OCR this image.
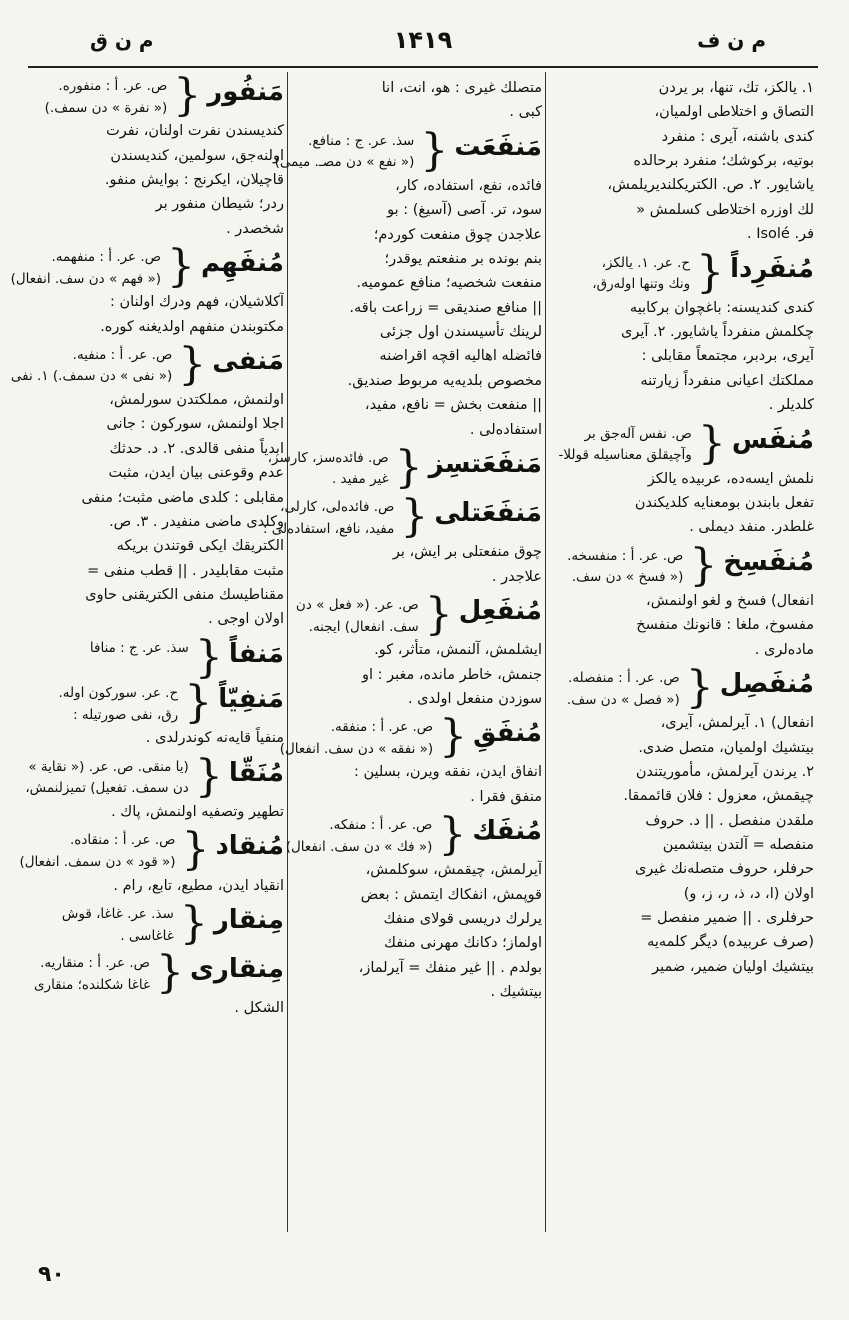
م ن ق	۱۴۱۹	م ن ف
۱. يالكز، تك، تنها، بر يردن
التصاق و اختلاطى اولميان،
كندى باشنه، آيرى : منفرد
بوتيه، بركوشك؛ منفرد برحالده
ياشايور. ۲. ص. الكتريكلنديريلمش،
لك اوزره اختلاطى كسلمش «
فر. Isolé .
مُنفَرِداً
{
ح. عر. ۱. يالكز،
ونك وتنها اولەرق،
كندى كنديسنه: باغچوان بركابيه
چكلمش منفرداً ياشايور. ۲. آيرى
آيرى، بردبر، مجتمعاً مقابلى :
مملكتك اعيانى منفرداً زيارتنه
كلديلر .
مُنفَس
{
ص. نفس آلەجق بر
وآچيقلق معناسيله قوللا-
نلمش ايسەده، عربيده يالكز
تفعل بابندن بومعنايه كلديكندن
غلطدر. منفد ديملى .
مُنفَسِخ
{
ص. عر. أ : منفسخه.
(« فسخ » دن سف.
انفعال) فسخ و لغو اولنمش،
مفسوخ، ملغا : قانونك منفسخ
مادەلرى .
مُنفَصِل
{
ص. عر. أ : منفصله.
(« فصل » دن سف.
انفعال) ۱. آيرلمش، آيرى،
بيتشيك اولميان، متصل ضدى.
۲. يرندن آيرلمش، مأموريتندن
چيقمش، معزول : فلان قائممقا.
ملقدن منفصل . || د. حروف
منفصله = آلتدن بيتشمين
حرفلر، حروف متصلەنك غيرى
اولان (ا، د، ذ، ر، ز، و)
حرفلرى . || ضمير منفصل =
(صرف عربيده) ديگر كلمەيه
بيتشيك اوليان ضمير، ضمير
متصلك غيرى : هو، انت، انا
كبى .
مَنفَعَت
{
سذ. عر. ج : منافع.
(« نفع » دن مصـ. ميمى)
فائده، نفع، استفاده، كار،
سود، تر. آصى (آسيغ) : بو
علاجدن چوق منفعت كوردم؛
بنم بونده بر منفعتم يوقدر؛
منفعت شخصيه؛ منافع عموميه.
|| منافع صنديقى = زراعت باقه.
لرينك تأسيسندن اول جزئى
فائضله اهاليه اقچه اقراضنه
مخصوص بلديەيه مربوط صنديق.
|| منفعت بخش = نافع، مفيد،
استفادەلى .
مَنفَعَتسِز
{
ص. فائدەسز، كارسز،
غير مفيد .
مَنفَعَتلى
{
ص. فائدەلى، كارلى،
مفيد، نافع، استفادەلى :
چوق منفعتلى بر ايش، بر
علاجدر .
مُنفَعِل
{
ص. عر. (« فعل » دن
سف. انفعال) ايجنه.
ايشلمش، آلنمش، متأثر، كو.
جنمش، خاطر ماندە، مغبر : او
سوزدن منفعل اولدى .
مُنفَقِ
{
ص. عر. أ : منفقه.
(« نفقه » دن سف. انفعال)
انفاق ايدن، نفقه ويرن، بسلين :
منفق فقرا .
مُنفَك
{
ص. عر. أ : منفكه.
(« فك » دن سف. انفعال)
آيرلمش، چيقمش، سوكلمش،
قوپمش، انفكاك ايتمش : بعض
يرلرك دريسى قولاى منفك
اولماز؛ دكانك مهرنى منفك
بولدم . || غير منفك = آيرلماز،
بيتشيك .
مَنفُور
{
ص. عر. أ : منفوره.
(« نفرة » دن سمف.)
كنديسندن نفرت اولنان، نفرت
اولنەجق، سولمين، كنديسندن
قاچيلان، ايكرنج : بوايش منفو.
ردر؛ شيطان منفور بر
شخصدر .
مُنفَهِم
{
ص. عر. أ : منفهمه.
(« فهم » دن سف. انفعال)
آكلاشيلان، فهم ودرك اولنان :
مكتوبندن منفهم اولديغنه كوره.
مَنفى
{
ص. عر. أ : منفيه.
(« نفى » دن سمف.) ۱. نفى
اولنمش، مملكتدن سورلمش،
اجلا اولنمش، سوركون : جانى
ابدياً منفى قالدى. ۲. د. حدثك
عدم وقوعنى بيان ايدن، مثبت
مقابلى : كلدى ماضى مثبت؛ منفى
وكلدى ماضى منفيدر . ۳. ص.
الكتريقك ايكى قوتندن بريكه
مثبت مقابليدر . || قطب منفى =
مقناطيسك منفى الكتريقنى حاوى
اولان اوجى .
مَنفاً
{
سذ. عر. ج : منافا
مَنفِيّاً
{
ح. عر. سوركون اولە.
رق، نفى صورتيله :
منفياً قايەنه كوندرلدى .
مُنَقّا
{
(يا منقى. ص. عر. (« نقاية »
دن سمف. تفعيل) تميزلنمش،
تطهير وتصفيه اولنمش، پاك .
مُنقاد
{
ص. عر. أ : منقاده.
(« قود » دن سمف. انفعال)
انقياد ايدن، مطيع، تابع، رام .
مِنقار
{
سذ. عر. غاغا، قوش
غاغاسى .
مِنقارى
{
ص. عر. أ : منقاريه.
غاغا شكلنده؛ منقارى
الشكل .
۹۰
